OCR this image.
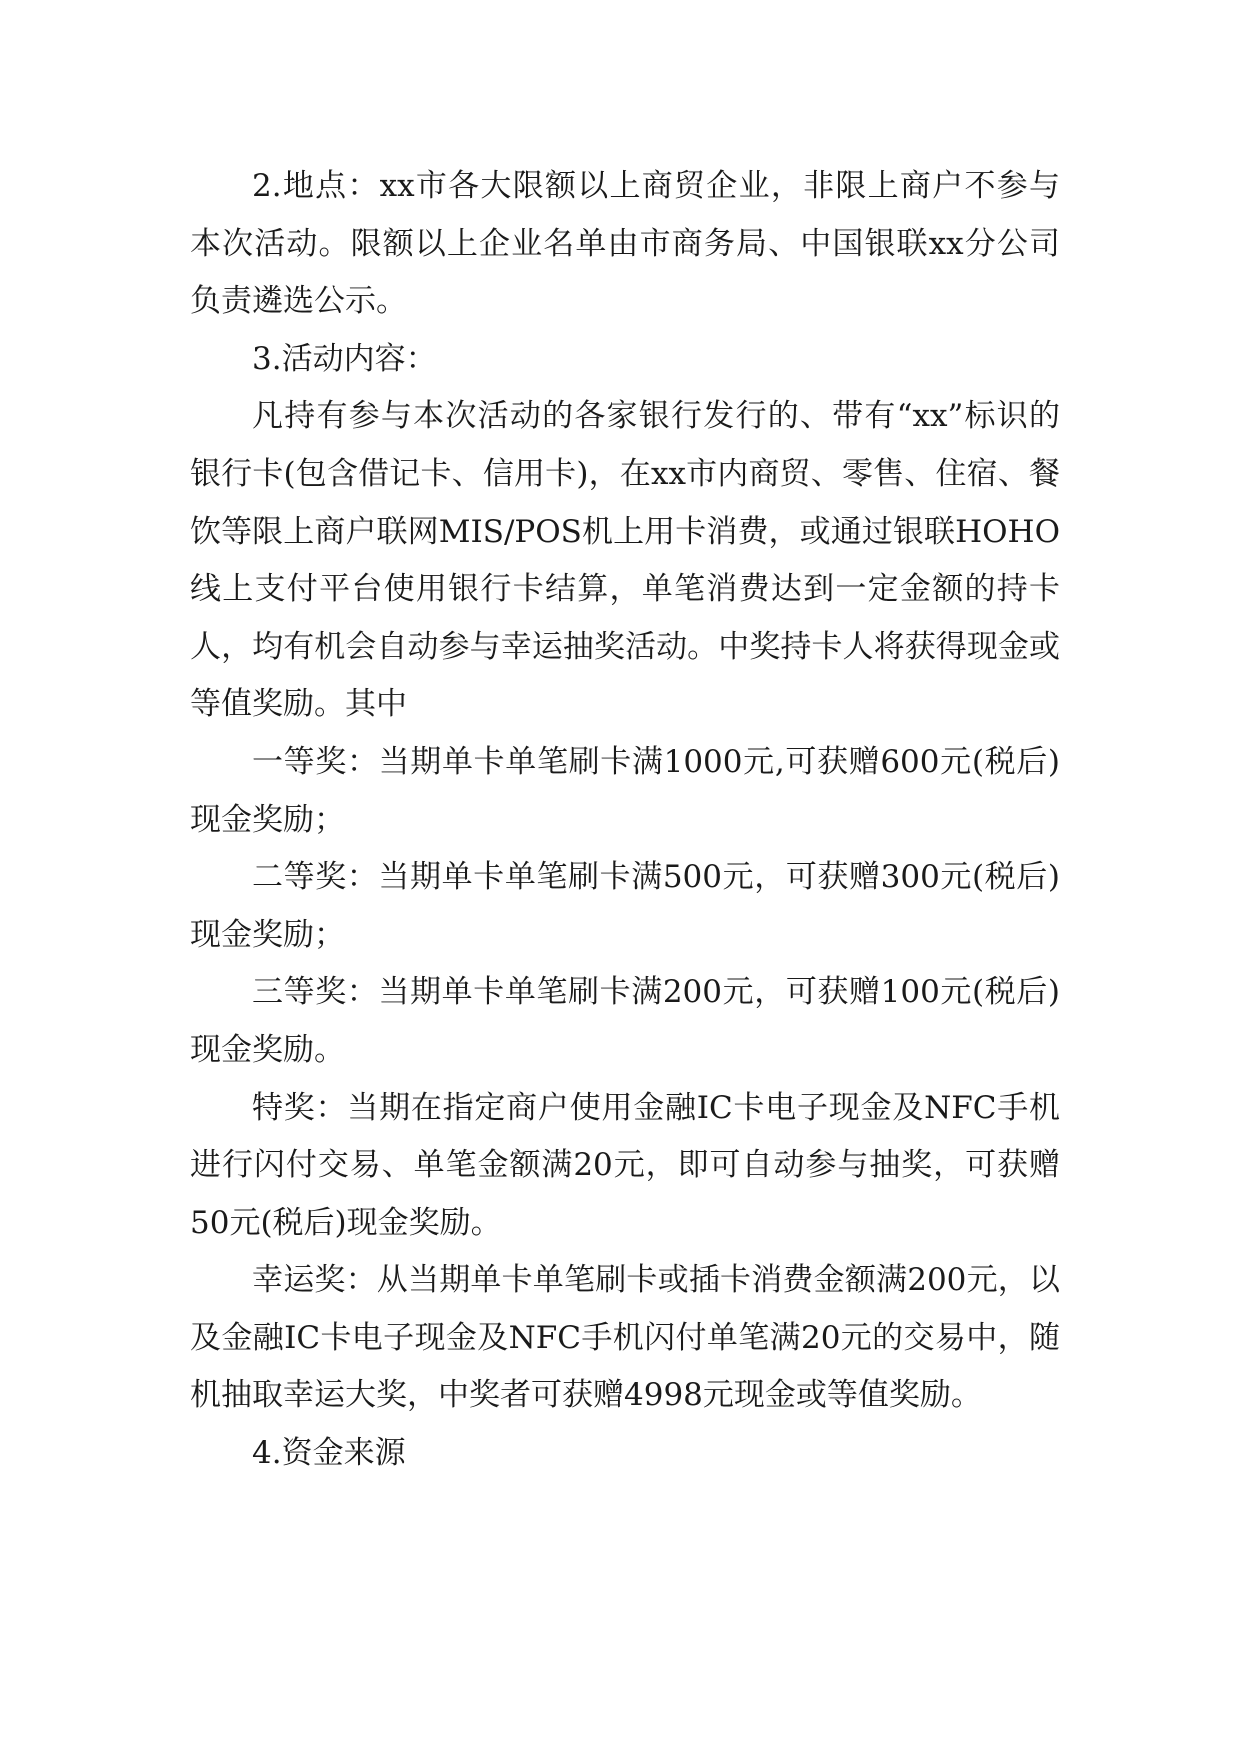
2.地点：xx市各大限额以上商贸企业，非限上商户不参与本次活动。限额以上企业名单由市商务局、中国银联xx分公司负责遴选公示。

3.活动内容：

凡持有参与本次活动的各家银行发行的、带有“xx”标识的银行卡(包含借记卡、信用卡)，在xx市内商贸、零售、住宿、餐饮等限上商户联网MIS/POS机上用卡消费，或通过银联HOHO线上支付平台使用银行卡结算，单笔消费达到一定金额的持卡人，均有机会自动参与幸运抽奖活动。中奖持卡人将获得现金或等值奖励。其中

一等奖：当期单卡单笔刷卡满1000元,可获赠600元(税后)现金奖励；

二等奖：当期单卡单笔刷卡满500元，可获赠300元(税后)现金奖励；

三等奖：当期单卡单笔刷卡满200元，可获赠100元(税后)现金奖励。

特奖：当期在指定商户使用金融IC卡电子现金及NFC手机进行闪付交易、单笔金额满20元，即可自动参与抽奖，可获赠50元(税后)现金奖励。

幸运奖：从当期单卡单笔刷卡或插卡消费金额满200元，以及金融IC卡电子现金及NFC手机闪付单笔满20元的交易中，随机抽取幸运大奖，中奖者可获赠4998元现金或等值奖励。

4.资金来源
